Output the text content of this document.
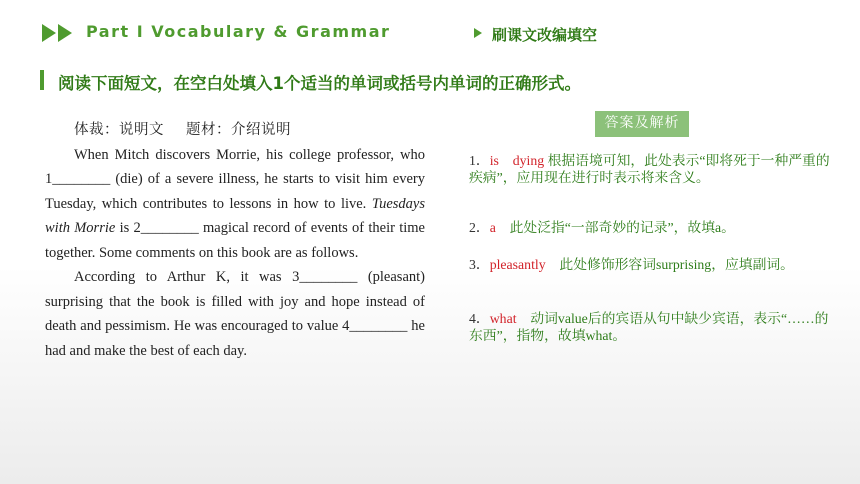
Part Ⅰ Vocabulary & Grammar	刷课文改编填空
阅读下面短文，在空白处填入1个适当的单词或括号内单词的正确形式。

体裁：说明文 题材：介绍说明

When Mitch discovers Morrie, his college professor, who 1________ (die) of a severe illness, he starts to visit him every Tuesday, which contributes to lessons in how to live. Tuesdays with Morrie is 2________ magical record of events of their time together. Some comments on this book are as follows.

According to Arthur K, it was 3________ (pleasant) surprising that the book is filled with joy and hope instead of death and pessimism. He was encouraged to value 4________ he had and make the best of each day.

答案及解析

1．is　dying 根据语境可知，此处表示“即将死于一种严重的疾病”，应用现在进行时表示将来含义。

2．a　此处泛指“一部奇妙的记录”，故填a。

3．pleasantly　此处修饰形容词surprising，应填副词。

4．what　动词value后的宾语从句中缺少宾语，表示“……的东西”，指物，故填what。
